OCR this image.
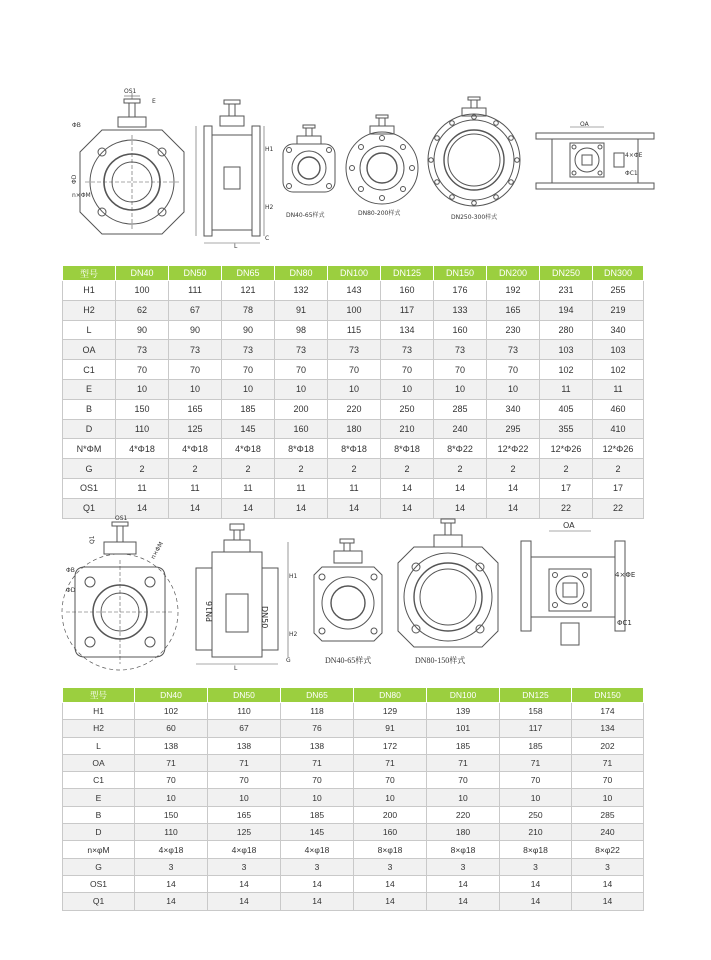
OS1
E
ΦD
ΦB
n×ΦM
L
H1
H2
C
DN40-65样式	DN80-200样式
DN250-300样式
OA
4×ΦE
ΦC1
型号	DN40	DN50	DN65	DN80	DN100	DN125	DN150	DN200	DN250	DN300
H1	100	111	121	132	143	160	176	192	231	255
H2	62	67	78	91	100	117	133	165	194	219
L	90	90	90	98	115	134	160	230	280	340
OA	73	73	73	73	73	73	73	73	103	103
C1	70	70	70	70	70	70	70	70	102	102
E	10	10	10	10	10	10	10	10	11	11
B	150	165	185	200	220	250	285	340	405	460
D	110	125	145	160	180	210	240	295	355	410
N*ΦM	4*Φ18	4*Φ18	4*Φ18	8*Φ18	8*Φ18	8*Φ18	8*Φ22	12*Φ22	12*Φ26	12*Φ26
G	2	2	2	2	2	2	2	2	2	2
OS1	11	11	11	11	11	14	14	14	17	17
Q1	14	14	14	14	14	14	14	14	22	22
OS1
Q1
n×ΦM
ΦB
ΦD
PN16	DN50
H1
H2
L
G	DN40-65样式	DN80-150样式
OA
4×ΦE
ΦC1
型号	DN40	DN50	DN65	DN80	DN100	DN125	DN150
H1	102	110	118	129	139	158	174
H2	60	67	76	91	101	117	134
L	138	138	138	172	185	185	202
OA	71	71	71	71	71	71	71
C1	70	70	70	70	70	70	70
E	10	10	10	10	10	10	10
B	150	165	185	200	220	250	285
D	110	125	145	160	180	210	240
n×φM	4×φ18	4×φ18	4×φ18	8×φ18	8×φ18	8×φ18	8×φ22
G	3	3	3	3	3	3	3
OS1	14	14	14	14	14	14	14
Q1	14	14	14	14	14	14	14
